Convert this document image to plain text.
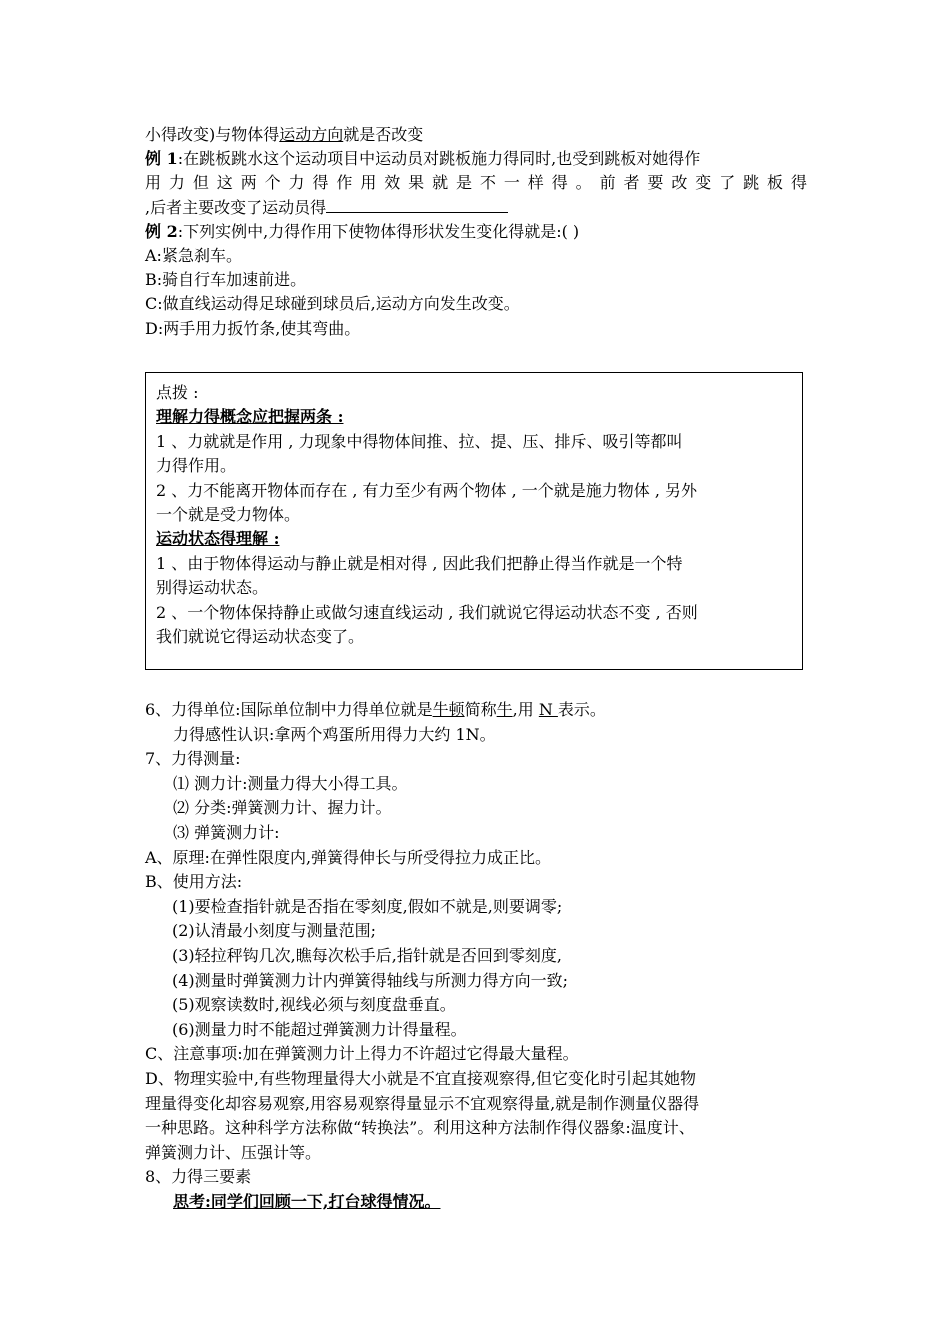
小得改变)与物体得运动方向就是否改变
例 1:在跳板跳水这个运动项目中运动员对跳板施力得同时,也受到跳板对她得作
用力但这两个力得作用效果就是不一样得。前者要改变了跳板得
,后者主要改变了运动员得
例 2:下列实例中,力得作用下使物体得形状发生变化得就是:( )
A:紧急刹车。
B:骑自行车加速前进。
C:做直线运动得足球碰到球员后,运动方向发生改变。
D:两手用力扳竹条,使其弯曲。
点拨 :
理解力得概念应把握两条 :
1 、力就就是作用 , 力现象中得物体间推、拉、提、压、排斥、吸引等都叫
力得作用。
2 、力不能离开物体而存在 , 有力至少有两个物体 , 一个就是施力物体 , 另外
一个就是受力物体。
运动状态得理解 :
1 、由于物体得运动与静止就是相对得 , 因此我们把静止得当作就是一个特
别得运动状态。
2 、一个物体保持静止或做匀速直线运动 , 我们就说它得运动状态不变 , 否则
我们就说它得运动状态变了。
6、力得单位:国际单位制中力得单位就是牛顿简称牛,用 N 表示。
力得感性认识:拿两个鸡蛋所用得力大约 1N。
7、力得测量:
⑴ 测力计:测量力得大小得工具。
⑵ 分类:弹簧测力计、握力计。
⑶ 弹簧测力计:
A、原理:在弹性限度内,弹簧得伸长与所受得拉力成正比。
B、使用方法:
(1)要检查指针就是否指在零刻度,假如不就是,则要调零;
(2)认清最小刻度与测量范围;
(3)轻拉秤钩几次,瞧每次松手后,指针就是否回到零刻度,
(4)测量时弹簧测力计内弹簧得轴线与所测力得方向一致;
(5)观察读数时,视线必须与刻度盘垂直。
(6)测量力时不能超过弹簧测力计得量程。
C、注意事项:加在弹簧测力计上得力不许超过它得最大量程。
D、物理实验中,有些物理量得大小就是不宜直接观察得,但它变化时引起其她物
理量得变化却容易观察,用容易观察得量显示不宜观察得量,就是制作测量仪器得
一种思路。这种科学方法称做“转换法”。利用这种方法制作得仪器象:温度计、
弹簧测力计、压强计等。
8、力得三要素
思考:同学们回顾一下,打台球得情况。
